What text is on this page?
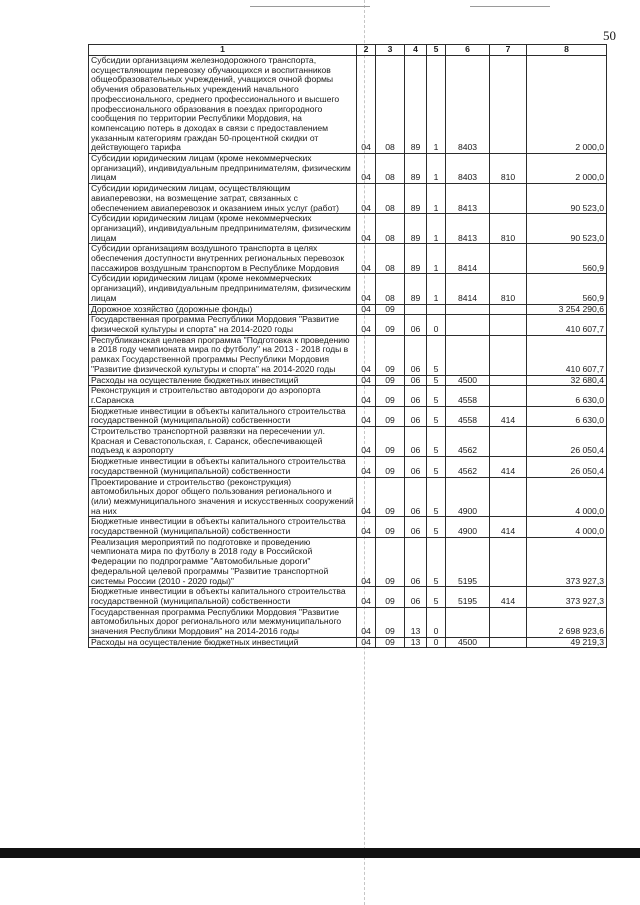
50
1	2	3	4	5	6	7	8
Субсидии организациям железнодорожного транспорта, осуществляющим перевозку обучающихся и воспитанников общеобразовательных учреждений, учащихся очной формы обучения образовательных учреждений начального профессионального, среднего профессионального и высшего профессионального образования в поездах пригородного сообщения по территории Республики Мордовия, на компенсацию потерь в доходах в связи с предоставлением указанным категориям граждан 50-процентной скидки от действующего тарифа	04	08	89	1	8403		2 000,0
Субсидии юридическим лицам (кроме некоммерческих организаций), индивидуальным предпринимателям, физическим лицам	04	08	89	1	8403	810	2 000,0
Субсидии юридическим лицам, осуществляющим авиаперевозки, на возмещение затрат, связанных с обеспечением авиаперевозок и оказанием иных услуг (работ)	04	08	89	1	8413		90 523,0
Субсидии юридическим лицам (кроме некоммерческих организаций), индивидуальным предпринимателям, физическим лицам	04	08	89	1	8413	810	90 523,0
Субсидии организациям воздушного транспорта в целях обеспечения доступности внутренних региональных перевозок пассажиров воздушным транспортом в Республике Мордовия	04	08	89	1	8414		560,9
Субсидии юридическим лицам (кроме некоммерческих организаций), индивидуальным предпринимателям, физическим лицам	04	08	89	1	8414	810	560,9
Дорожное хозяйство (дорожные фонды)	04	09					3 254 290,6
Государственная программа Республики Мордовия "Развитие физической культуры и спорта" на 2014-2020 годы	04	09	06	0			410 607,7
Республиканская целевая программа "Подготовка к проведению в 2018 году чемпионата мира по футболу" на 2013 - 2018 годы в рамках Государственной программы Республики Мордовия "Развитие физической культуры и спорта" на 2014-2020 годы	04	09	06	5			410 607,7
Расходы на осуществление бюджетных инвестиций	04	09	06	5	4500		32 680,4
Реконструкция и строительство автодороги до аэропорта г.Саранска	04	09	06	5	4558		6 630,0
Бюджетные инвестиции в объекты капитального строительства государственной (муниципальной) собственности	04	09	06	5	4558	414	6 630,0
Строительство транспортной развязки на пересечении ул. Красная и Севастопольская, г. Саранск, обеспечивающей подъезд к аэропорту	04	09	06	5	4562		26 050,4
Бюджетные инвестиции в объекты капитального строительства государственной (муниципальной) собственности	04	09	06	5	4562	414	26 050,4
Проектирование и строительство (реконструкция) автомобильных дорог общего пользования регионального и (или) межмуниципального значения и искусственных сооружений на них	04	09	06	5	4900		4 000,0
Бюджетные инвестиции в объекты капитального строительства государственной (муниципальной) собственности	04	09	06	5	4900	414	4 000,0
Реализация мероприятий по подготовке и проведению чемпионата мира по футболу в 2018 году в Российской Федерации по подпрограмме "Автомобильные дороги" федеральной целевой программы "Развитие транспортной системы России (2010 - 2020 годы)"	04	09	06	5	5195		373 927,3
Бюджетные инвестиции в объекты капитального строительства государственной (муниципальной) собственности	04	09	06	5	5195	414	373 927,3
Государственная программа Республики Мордовия "Развитие автомобильных дорог регионального или межмуниципального значения Республики Мордовия" на 2014-2016 годы	04	09	13	0			2 698 923,6
Расходы на осуществление бюджетных инвестиций	04	09	13	0	4500		49 219,3
